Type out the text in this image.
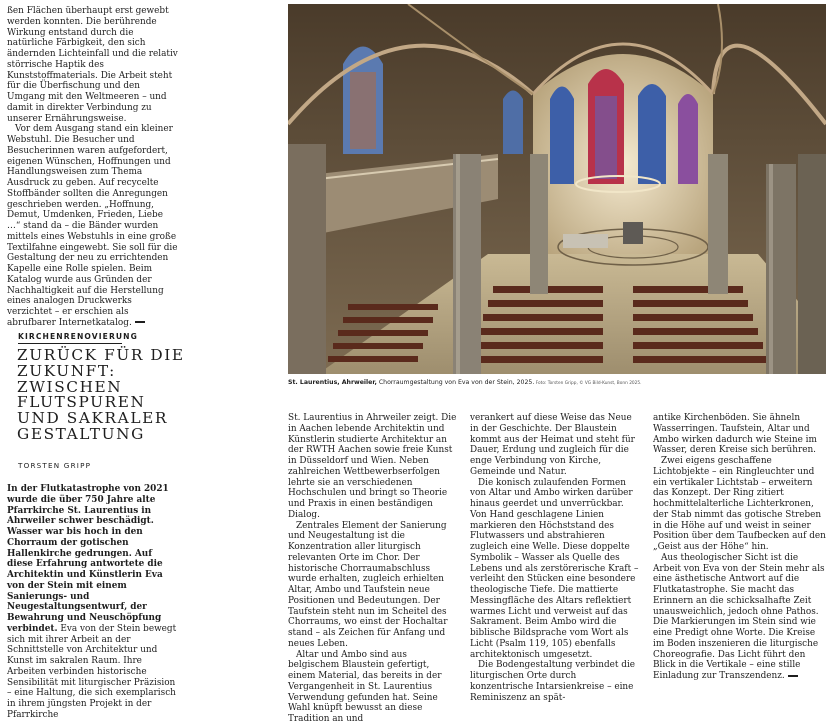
ßen Flächen überhaupt erst gewebt werden konnten. Die berührende Wirkung entstand durch die natürliche Färbigkeit, den sich ändernden Lichteinfall und die relativ störrische Haptik des Kunststoffmaterials. Die Arbeit steht für die Überfischung und den Umgang mit den Weltmeeren – und damit in direkter Verbindung zu unserer Ernährungsweise.

Vor dem Ausgang stand ein kleiner Webstuhl. Die Besucher und Besucherinnen waren aufgefordert, eigenen Wünschen, Hoffnungen und Handlungsweisen zum Thema Ausdruck zu geben. Auf recycelte Stoffbänder sollten die Anregungen geschrieben werden. „Hoffnung, Demut, Umdenken, Frieden, Liebe …“ stand da – die Bänder wurden mittels eines Webstuhls in eine große Textilfahne eingewebt. Sie soll für die Gestaltung der neu zu errichtenden Kapelle eine Rolle spielen. Beim Katalog wurde aus Gründen der Nachhaltigkeit auf die Herstellung eines analogen Druckwerks verzichtet – er erschien als abrufbarer Internetkatalog.

KIRCHENRENOVIERUNG
ZURÜCK FÜR DIE ZUKUNFT: ZWISCHEN FLUTSPUREN UND SAKRALER GESTALTUNG
TORSTEN GRIPP

In der Flutkatastrophe von 2021 wurde die über 750 Jahre alte Pfarrkirche St. Laurentius in Ahrweiler schwer beschädigt. Wasser war bis hoch in den Chorraum der gotischen Hallenkirche gedrungen. Auf diese Erfahrung antwortete die Architektin und Künstlerin Eva von der Stein mit einem Sanierungs- und Neugestaltungsentwurf, der Bewahrung und Neuschöpfung verbindet. Eva von der Stein bewegt sich mit ihrer Arbeit an der Schnittstelle von Architektur und Kunst im sakralen Raum. Ihre Arbeiten verbinden historische Sensibilität mit liturgischer Präzision – eine Haltung, die sich exemplarisch in ihrem jüngsten Projekt in der Pfarrkirche

St. Laurentius, Ahrweiler, Chorraumgestaltung von Eva von der Stein, 2025. Foto: Torsten Gripp, © VG Bild-Kunst, Bonn 2025.

St. Laurentius in Ahrweiler zeigt. Die in Aachen lebende Architektin und Künstlerin studierte Architektur an der RWTH Aachen sowie freie Kunst in Düsseldorf und Wien. Neben zahlreichen Wettbewerbserfolgen lehrte sie an verschiedenen Hochschulen und bringt so Theorie und Praxis in einen beständigen Dialog.

Zentrales Element der Sanierung und Neugestaltung ist die Konzentration aller liturgisch relevanten Orte im Chor. Der historische Chorraumabschluss wurde erhalten, zugleich erhielten Altar, Ambo und Taufstein neue Positionen und Bedeutungen. Der Taufstein steht nun im Scheitel des Chorraums, wo einst der Hochaltar stand – als Zeichen für Anfang und neues Leben.

Altar und Ambo sind aus belgischem Blaustein gefertigt, einem Material, das bereits in der Vergangenheit in St. Laurentius Verwendung gefunden hat. Seine Wahl knüpft bewusst an diese Tradition an und

verankert auf diese Weise das Neue in der Geschichte. Der Blaustein kommt aus der Heimat und steht für Dauer, Erdung und zugleich für die enge Verbindung von Kirche, Gemeinde und Natur.

Die konisch zulaufenden Formen von Altar und Ambo wirken darüber hinaus geerdet und unverrückbar. Von Hand geschlagene Linien markieren den Höchststand des Flutwassers und abstrahieren zugleich eine Welle. Diese doppelte Symbolik – Wasser als Quelle des Lebens und als zerstörerische Kraft – verleiht den Stücken eine besondere theologische Tiefe. Die mattierte Messingfläche des Altars reflektiert warmes Licht und verweist auf das Sakrament. Beim Ambo wird die biblische Bildsprache vom Wort als Licht (Psalm 119, 105) ebenfalls architektonisch umgesetzt.

Die Bodengestaltung verbindet die liturgischen Orte durch konzentrische Intarsienkreise – eine Reminiszenz an spät-

antike Kirchenböden. Sie ähneln Wasserringen. Taufstein, Altar und Ambo wirken dadurch wie Steine im Wasser, deren Kreise sich berühren.

Zwei eigens geschaffene Lichtobjekte – ein Ringleuchter und ein vertikaler Lichtstab – erweitern das Konzept. Der Ring zitiert hochmittelalterliche Lichterkronen, der Stab nimmt das gotische Streben in die Höhe auf und weist in seiner Position über dem Taufbecken auf den „Geist aus der Höhe“ hin.

Aus theologischer Sicht ist die Arbeit von Eva von der Stein mehr als eine ästhetische Antwort auf die Flutkatastrophe. Sie macht das Erinnern an die schicksalhafte Zeit unausweichlich, jedoch ohne Pathos. Die Markierungen im Stein sind wie eine Predigt ohne Worte. Die Kreise im Boden inszenieren die liturgische Choreografie. Das Licht führt den Blick in die Vertikale – eine stille Einladung zur Transzendenz.
